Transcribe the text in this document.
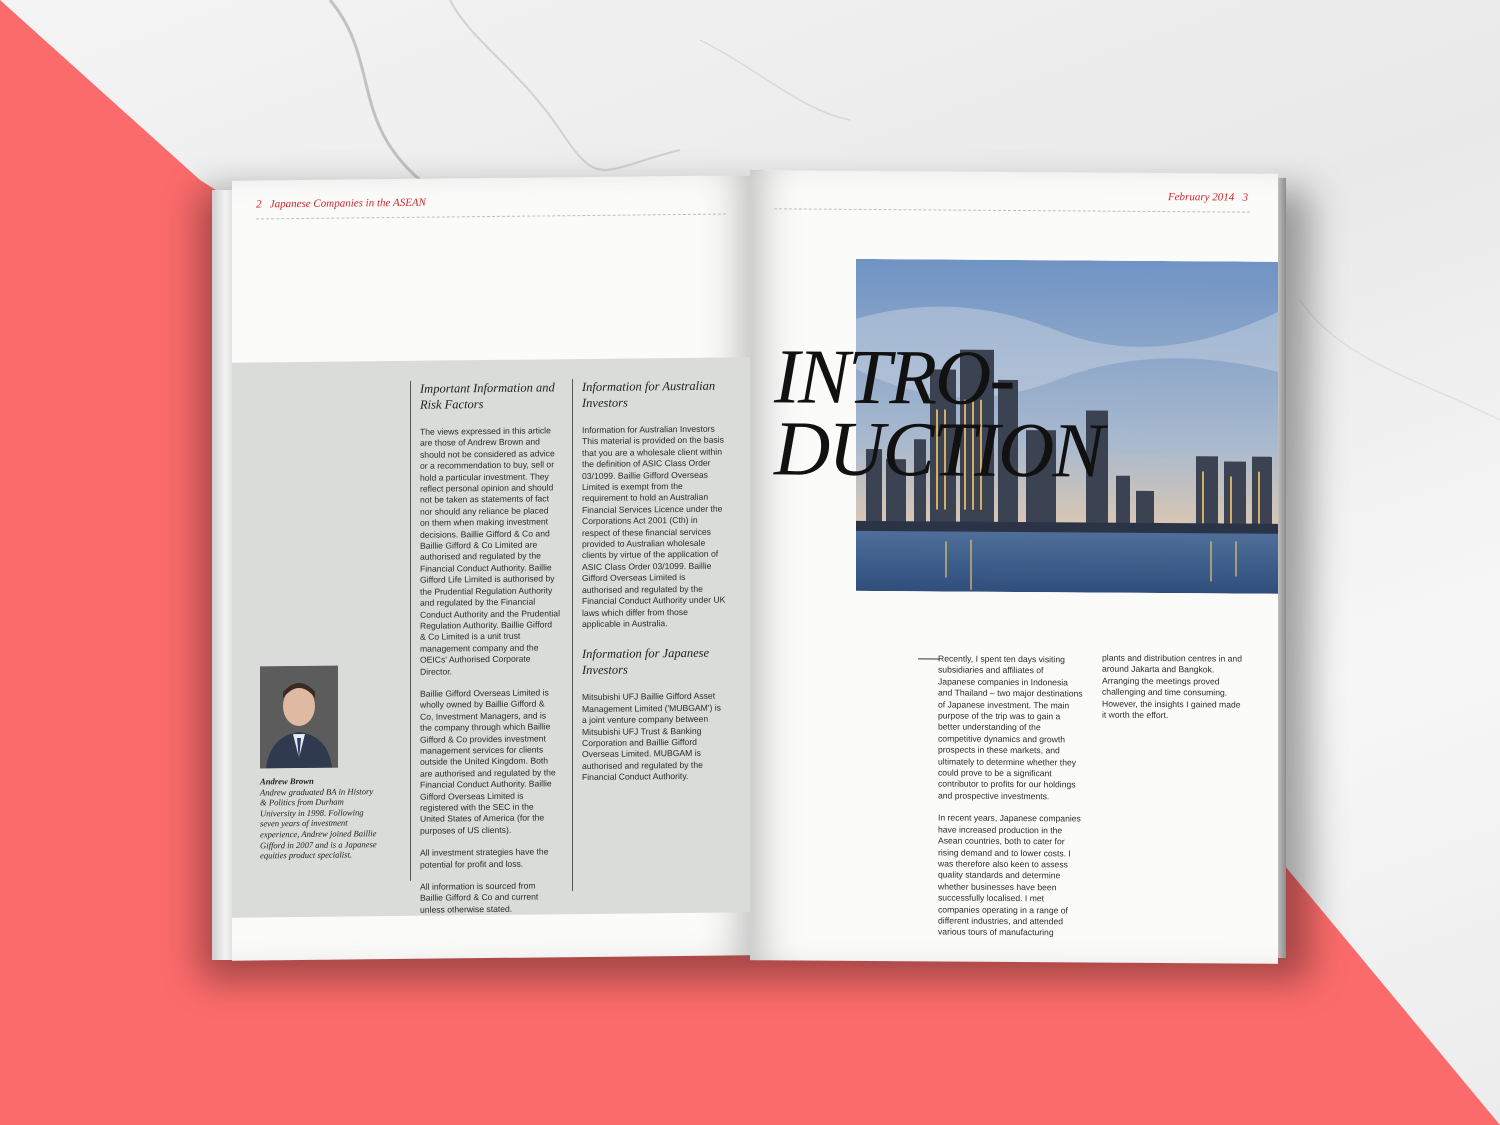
2 Japanese Companies in the ASEAN
Important Information and Risk Factors

The views expressed in this article are those of Andrew Brown and should not be considered as advice or a recommendation to buy, sell or hold a particular investment. They reflect personal opinion and should not be taken as statements of fact nor should any reliance be placed on them when making investment decisions. Baillie Gifford & Co and Baillie Gifford & Co Limited are authorised and regulated by the Financial Conduct Authority. Baillie Gifford Life Limited is authorised by the Prudential Regulation Authority and regulated by the Financial Conduct Authority and the Prudential Regulation Authority. Baillie Gifford & Co Limited is a unit trust management company and the OEICs' Authorised Corporate Director.

Baillie Gifford Overseas Limited is wholly owned by Baillie Gifford & Co, Investment Managers, and is the company through which Baillie Gifford & Co provides investment management services for clients outside the United Kingdom. Both are authorised and regulated by the Financial Conduct Authority. Baillie Gifford Overseas Limited is registered with the SEC in the United States of America (for the purposes of US clients).

All investment strategies have the potential for profit and loss.

All information is sourced from Baillie Gifford & Co and current unless otherwise stated.

Information for Australian Investors

Information for Australian Investors This material is provided on the basis that you are a wholesale client within the definition of ASIC Class Order 03/1099. Baillie Gifford Overseas Limited is exempt from the requirement to hold an Australian Financial Services Licence under the Corporations Act 2001 (Cth) in respect of these financial services provided to Australian wholesale clients by virtue of the application of ASIC Class Order 03/1099. Baillie Gifford Overseas Limited is authorised and regulated by the Financial Conduct Authority under UK laws which differ from those applicable in Australia.

Information for Japanese Investors

Mitsubishi UFJ Baillie Gifford Asset Management Limited ('MUBGAM') is a joint venture company between Mitsubishi UFJ Trust & Banking Corporation and Baillie Gifford Overseas Limited. MUBGAM is authorised and regulated by the Financial Conduct Authority.

Andrew Brown
Andrew graduated BA in History & Politics from Durham University in 1998. Following seven years of investment experience, Andrew joined Baillie Gifford in 2007 and is a Japanese equities product specialist.
February 2014 3
INTRO-
DUCTION

Recently, I spent ten days visiting subsidiaries and affiliates of Japanese companies in Indonesia and Thailand – two major destinations of Japanese investment. The main purpose of the trip was to gain a better understanding of the competitive dynamics and growth prospects in these markets, and ultimately to determine whether they could prove to be a significant contributor to profits for our holdings and prospective investments.

In recent years, Japanese companies have increased production in the Asean countries, both to cater for rising demand and to lower costs. I was therefore also keen to assess quality standards and determine whether businesses have been successfully localised. I met companies operating in a range of different industries, and attended various tours of manufacturing

plants and distribution centres in and around Jakarta and Bangkok. Arranging the meetings proved challenging and time consuming. However, the insights I gained made it worth the effort.
